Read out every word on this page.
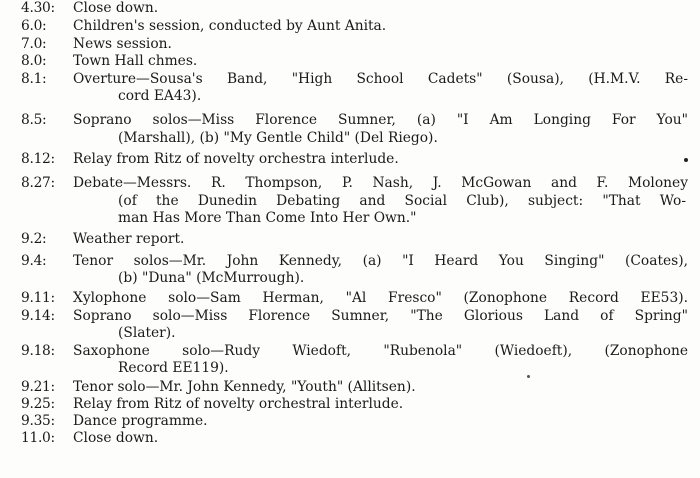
4.30: Close down.
6.0: Children's session, conducted by Aunt Anita.
7.0: News session.
8.0: Town Hall chmes.
8.1: Overture—Sousa's Band, "High School Cadets" (Sousa), (H.M.V. Re-
cord EA43).
8.5: Soprano solos—Miss Florence Sumner, (a) "I Am Longing For You"
(Marshall), (b) "My Gentle Child" (Del Riego).
8.12: Relay from Ritz of novelty orchestra interlude.
8.27: Debate—Messrs. R. Thompson, P. Nash, J. McGowan and F. Moloney
(of the Dunedin Debating and Social Club), subject: "That Wo-
man Has More Than Come Into Her Own."
9.2: Weather report.
9.4: Tenor solos—Mr. John Kennedy, (a) "I Heard You Singing" (Coates),
(b) "Duna" (McMurrough).
9.11: Xylophone solo—Sam Herman, "Al Fresco" (Zonophone Record EE53).
9.14: Soprano solo—Miss Florence Sumner, "The Glorious Land of Spring"
(Slater).
9.18: Saxophone solo—Rudy Wiedoft, "Rubenola" (Wiedoeft), (Zonophone
Record EE119).
9.21: Tenor solo—Mr. John Kennedy, "Youth" (Allitsen).
9.25: Relay from Ritz of novelty orchestral interlude.
9.35: Dance programme.
11.0: Close down.
